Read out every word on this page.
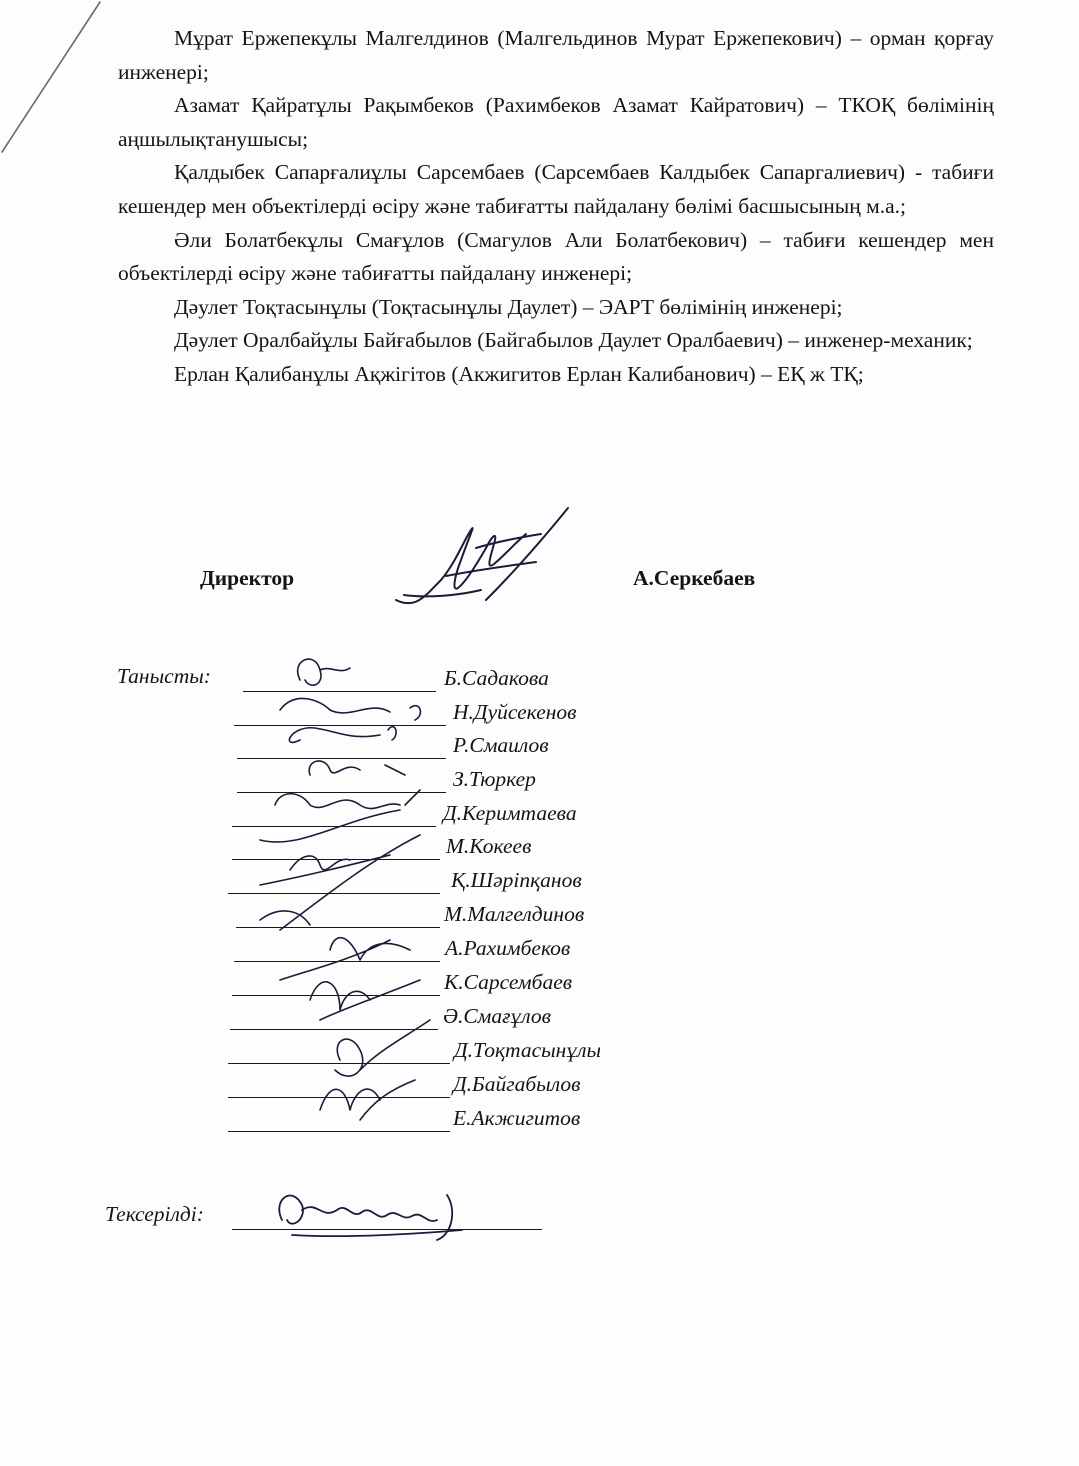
Мұрат Ержепекұлы Малгелдинов (Малгельдинов Мурат Ержепекович) – орман қорғау инженері;

Азамат Қайратұлы Рақымбеков (Рахимбеков Азамат Кайратович) – ТКОҚ бөлімінің аңшылықтанушысы;

Қалдыбек Сапарғалиұлы Сарсембаев (Сарсембаев Калдыбек Сапаргалиевич) - табиғи кешендер мен объектілерді өсіру және табиғатты пайдалану бөлімі басшысының м.а.;

Әли Болатбекұлы Смағұлов (Смагулов Али Болатбекович) – табиғи кешендер мен объектілерді өсіру және табиғатты пайдалану инженері;

Дәулет Тоқтасынұлы (Тоқтасынұлы Даулет) – ЭАРТ бөлімінің инженері;

Дәулет Оралбайұлы Байғабылов (Байгабылов Даулет Оралбаевич) – инженер-механик;

Ерлан Қалибанұлы Ақжігітов (Акжигитов Ерлан Калибанович) – ЕҚ ж ТҚ;

Директор	А.Серкебаев
Танысты:	Б.Садакова
Н.Дуйсекенов
Р.Смаилов
З.Тюркер
Д.Керимтаева
М.Кокеев
Қ.Шәріпқанов
М.Малгелдинов
А.Рахимбеков
К.Сарсембаев
Ә.Смағұлов
Д.Тоқтасынұлы
Д.Байгабылов
Е.Акжигитов
Тексерілді:
